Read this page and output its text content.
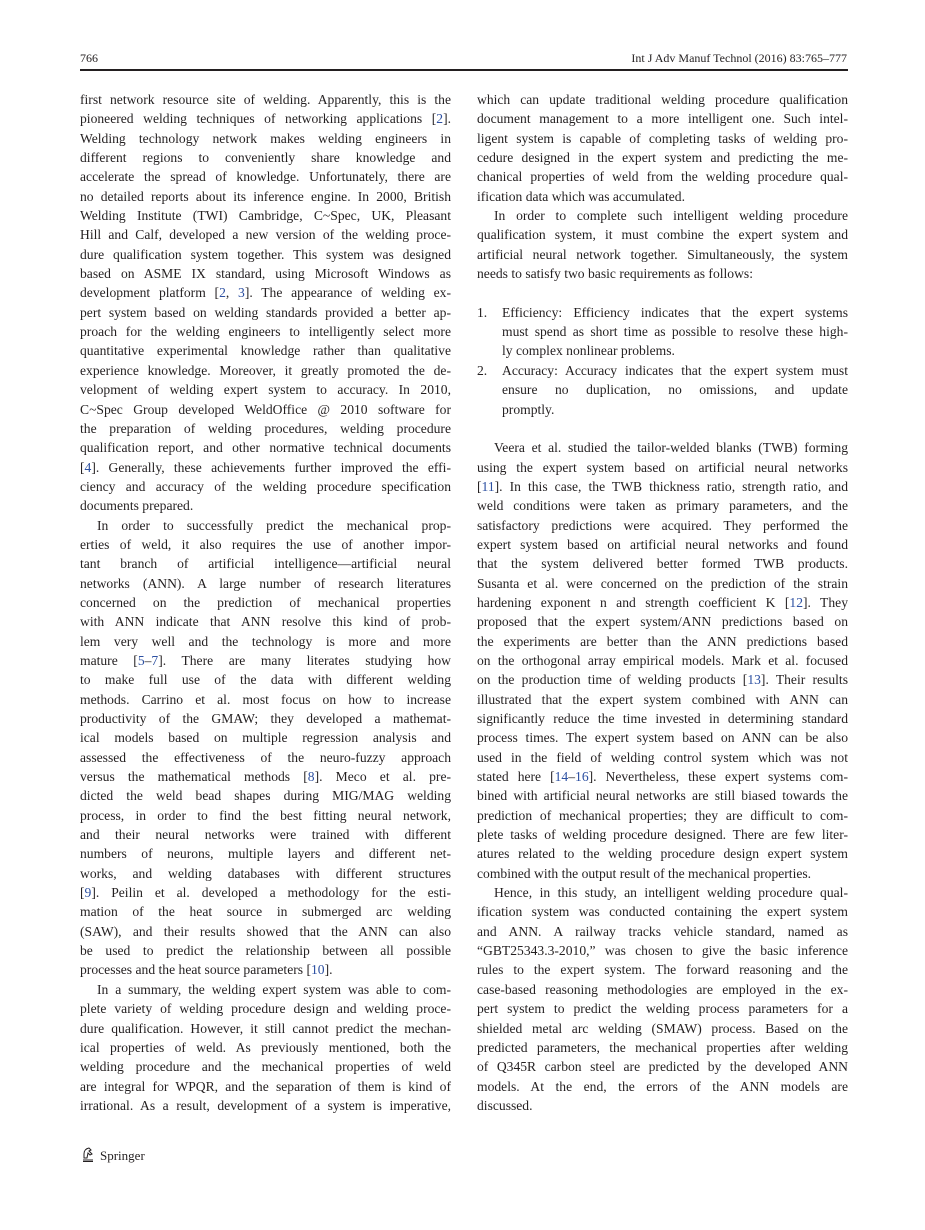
766	Int J Adv Manuf Technol (2016) 83:765–777
first network resource site of welding. Apparently, this is the
pioneered welding techniques of networking applications [2].
Welding technology network makes welding engineers in
different regions to conveniently share knowledge and
accelerate the spread of knowledge. Unfortunately, there are
no detailed reports about its inference engine. In 2000, British
Welding Institute (TWI) Cambridge, C~Spec, UK, Pleasant
Hill and Calf, developed a new version of the welding proce-
dure qualification system together. This system was designed
based on ASME IX standard, using Microsoft Windows as
development platform [2, 3]. The appearance of welding ex-
pert system based on welding standards provided a better ap-
proach for the welding engineers to intelligently select more
quantitative experimental knowledge rather than qualitative
experience knowledge. Moreover, it greatly promoted the de-
velopment of welding expert system to accuracy. In 2010,
C~Spec Group developed WeldOffice @ 2010 software for
the preparation of welding procedures, welding procedure
qualification report, and other normative technical documents
[4]. Generally, these achievements further improved the effi-
ciency and accuracy of the welding procedure specification
documents prepared.
In order to successfully predict the mechanical prop-
erties of weld, it also requires the use of another impor-
tant branch of artificial intelligence—artificial neural
networks (ANN). A large number of research literatures
concerned on the prediction of mechanical properties
with ANN indicate that ANN resolve this kind of prob-
lem very well and the technology is more and more
mature [5–7]. There are many literates studying how
to make full use of the data with different welding
methods. Carrino et al. most focus on how to increase
productivity of the GMAW; they developed a mathemat-
ical models based on multiple regression analysis and
assessed the effectiveness of the neuro-fuzzy approach
versus the mathematical methods [8]. Meco et al. pre-
dicted the weld bead shapes during MIG/MAG welding
process, in order to find the best fitting neural network,
and their neural networks were trained with different
numbers of neurons, multiple layers and different net-
works, and welding databases with different structures
[9]. Peilin et al. developed a methodology for the esti-
mation of the heat source in submerged arc welding
(SAW), and their results showed that the ANN can also
be used to predict the relationship between all possible
processes and the heat source parameters [10].
In a summary, the welding expert system was able to com-
plete variety of welding procedure design and welding proce-
dure qualification. However, it still cannot predict the mechan-
ical properties of weld. As previously mentioned, both the
welding procedure and the mechanical properties of weld
are integral for WPQR, and the separation of them is kind of
irrational. As a result, development of a system is imperative,
which can update traditional welding procedure qualification
document management to a more intelligent one. Such intel-
ligent system is capable of completing tasks of welding pro-
cedure designed in the expert system and predicting the me-
chanical properties of weld from the welding procedure qual-
ification data which was accumulated.
In order to complete such intelligent welding procedure
qualification system, it must combine the expert system and
artificial neural network together. Simultaneously, the system
needs to satisfy two basic requirements as follows:
1. Efficiency: Efficiency indicates that the expert systems
must spend as short time as possible to resolve these high-
ly complex nonlinear problems.
2. Accuracy: Accuracy indicates that the expert system must
ensure no duplication, no omissions, and update
promptly.
Veera et al. studied the tailor-welded blanks (TWB) forming
using the expert system based on artificial neural networks
[11]. In this case, the TWB thickness ratio, strength ratio, and
weld conditions were taken as primary parameters, and the
satisfactory predictions were acquired. They performed the
expert system based on artificial neural networks and found
that the system delivered better formed TWB products.
Susanta et al. were concerned on the prediction of the strain
hardening exponent n and strength coefficient K [12]. They
proposed that the expert system/ANN predictions based on
the experiments are better than the ANN predictions based
on the orthogonal array empirical models. Mark et al. focused
on the production time of welding products [13]. Their results
illustrated that the expert system combined with ANN can
significantly reduce the time invested in determining standard
process times. The expert system based on ANN can be also
used in the field of welding control system which was not
stated here [14–16]. Nevertheless, these expert systems com-
bined with artificial neural networks are still biased towards the
prediction of mechanical properties; they are difficult to com-
plete tasks of welding procedure designed. There are few liter-
atures related to the welding procedure design expert system
combined with the output result of the mechanical properties.
Hence, in this study, an intelligent welding procedure qual-
ification system was conducted containing the expert system
and ANN. A railway tracks vehicle standard, named as
“GBT25343.3-2010,” was chosen to give the basic inference
rules to the expert system. The forward reasoning and the
case-based reasoning methodologies are employed in the ex-
pert system to predict the welding process parameters for a
shielded metal arc welding (SMAW) process. Based on the
predicted parameters, the mechanical properties after welding
of Q345R carbon steel are predicted by the developed ANN
models. At the end, the errors of the ANN models are
discussed.
Springer
